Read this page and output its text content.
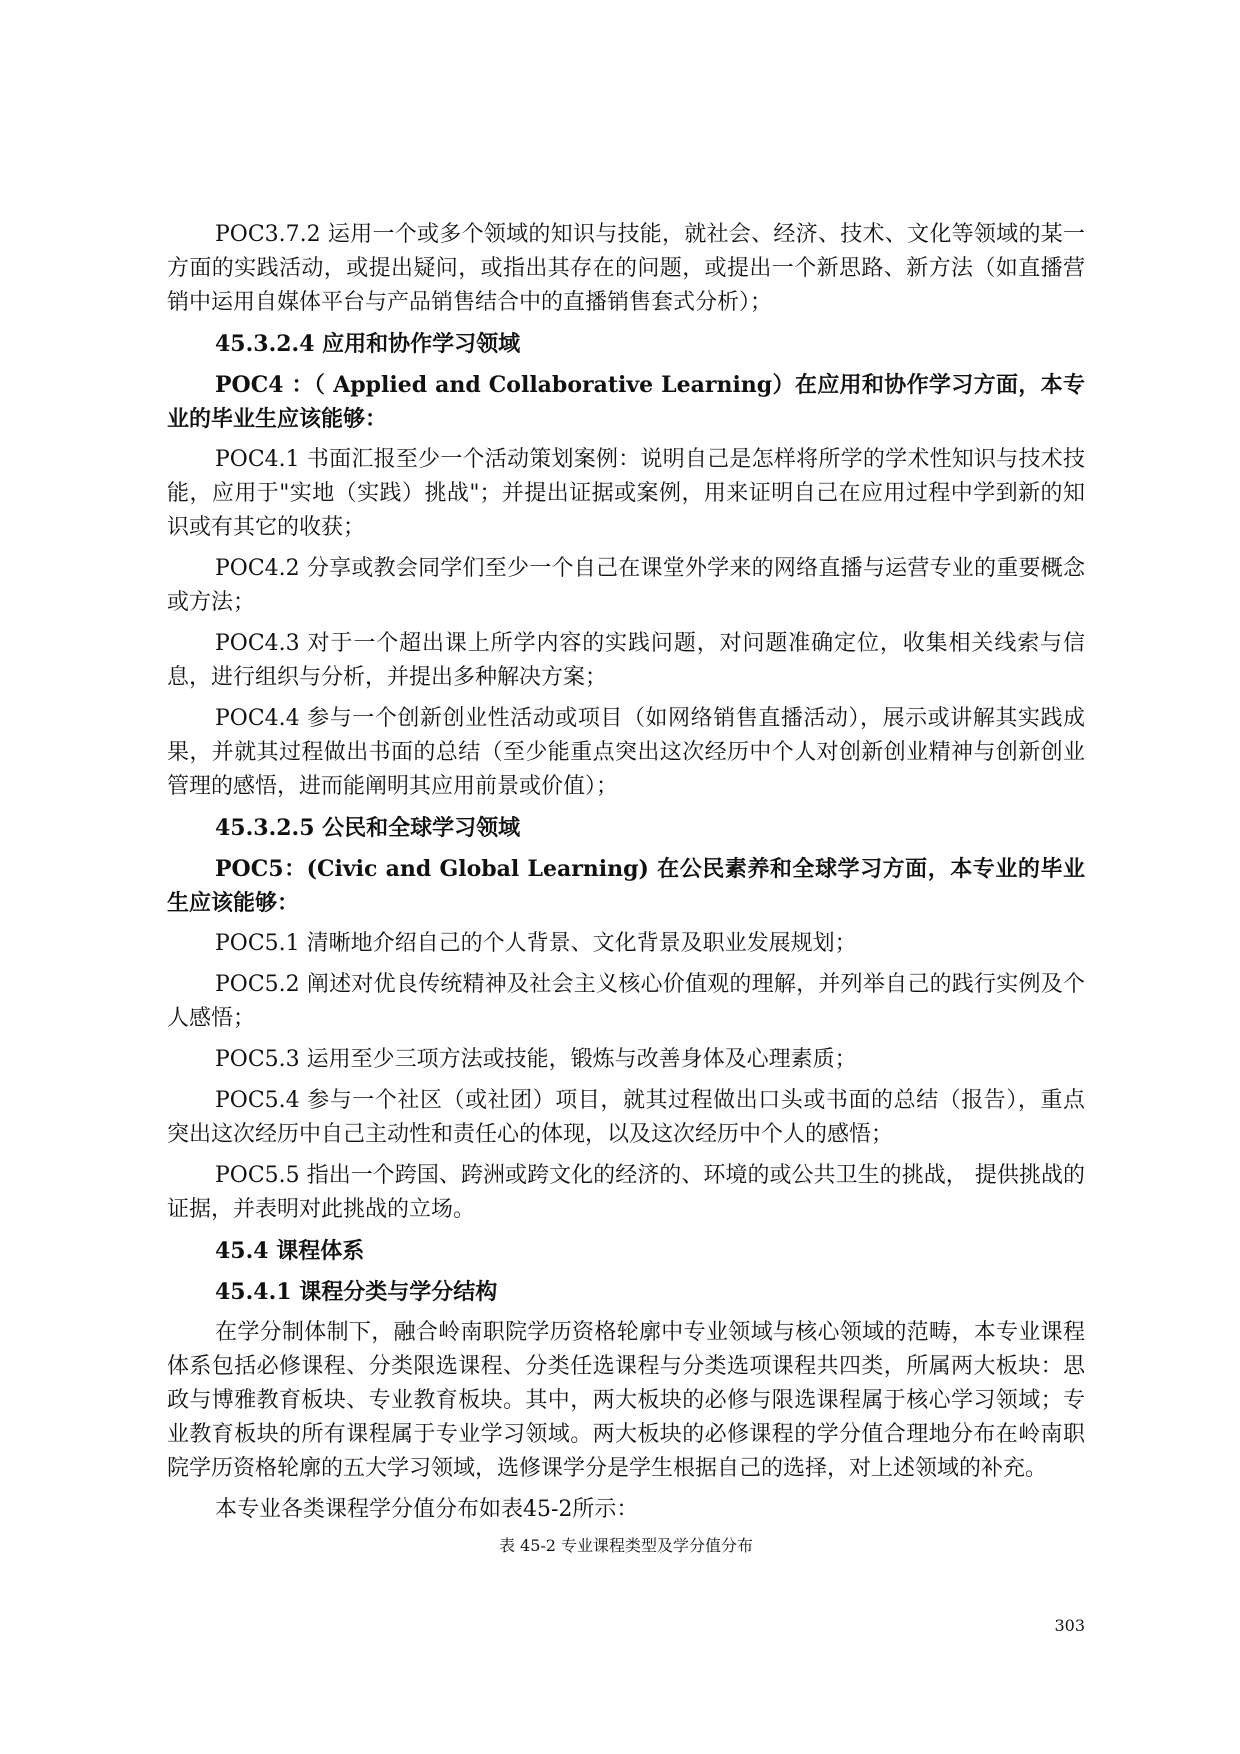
POC3.7.2 运用一个或多个领域的知识与技能，就社会、经济、技术、文化等领域的某一方面的实践活动，或提出疑问，或指出其存在的问题，或提出一个新思路、新方法（如直播营销中运用自媒体平台与产品销售结合中的直播销售套式分析）；

45.3.2.4 应用和协作学习领域

POC4 ：（ Applied and Collaborative Learning）在应用和协作学习方面，本专业的毕业生应该能够：

POC4.1 书面汇报至少一个活动策划案例：说明自己是怎样将所学的学术性知识与技术技能，应用于"实地（实践）挑战"；并提出证据或案例，用来证明自己在应用过程中学到新的知识或有其它的收获；

POC4.2 分享或教会同学们至少一个自己在课堂外学来的网络直播与运营专业的重要概念或方法；

POC4.3 对于一个超出课上所学内容的实践问题，对问题准确定位，收集相关线索与信息，进行组织与分析，并提出多种解决方案；

POC4.4 参与一个创新创业性活动或项目（如网络销售直播活动），展示或讲解其实践成果，并就其过程做出书面的总结（至少能重点突出这次经历中个人对创新创业精神与创新创业管理的感悟，进而能阐明其应用前景或价值）；

45.3.2.5 公民和全球学习领域

POC5：(Civic and Global Learning) 在公民素养和全球学习方面，本专业的毕业生应该能够：

POC5.1 清晰地介绍自己的个人背景、文化背景及职业发展规划；

POC5.2 阐述对优良传统精神及社会主义核心价值观的理解，并列举自己的践行实例及个人感悟；

POC5.3 运用至少三项方法或技能，锻炼与改善身体及心理素质；

POC5.4 参与一个社区（或社团）项目，就其过程做出口头或书面的总结（报告），重点突出这次经历中自己主动性和责任心的体现，以及这次经历中个人的感悟；

POC5.5 指出一个跨国、跨洲或跨文化的经济的、环境的或公共卫生的挑战， 提供挑战的证据，并表明对此挑战的立场。

45.4 课程体系

45.4.1 课程分类与学分结构

在学分制体制下，融合岭南职院学历资格轮廓中专业领域与核心领域的范畴，本专业课程体系包括必修课程、分类限选课程、分类任选课程与分类选项课程共四类，所属两大板块：思政与博雅教育板块、专业教育板块。其中，两大板块的必修与限选课程属于核心学习领域；专业教育板块的所有课程属于专业学习领域。两大板块的必修课程的学分值合理地分布在岭南职院学历资格轮廓的五大学习领域，选修课学分是学生根据自己的选择，对上述领域的补充。

本专业各类课程学分值分布如表45-2所示：

表 45-2 专业课程类型及学分值分布
303
